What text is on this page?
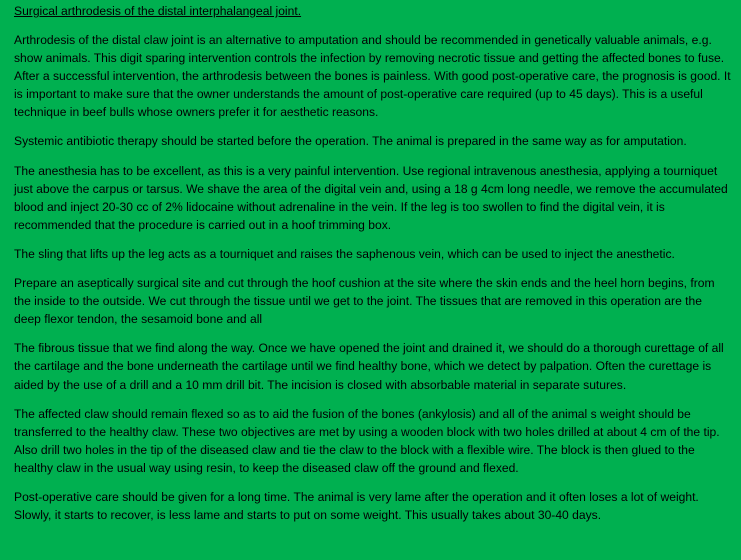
Surgical arthrodesis of the distal interphalangeal joint.

Arthrodesis of the distal claw joint is an alternative to amputation and should be recommended in genetically valuable animals, e.g. show animals. This digit sparing intervention controls the infection by removing necrotic tissue and getting the affected bones to fuse. After a successful intervention, the arthrodesis between the bones is painless. With good post-operative care, the prognosis is good. It is important to make sure that the owner understands the amount of post-operative care required (up to 45 days). This is a useful technique in beef bulls whose owners prefer it for aesthetic reasons.

Systemic antibiotic therapy should be started before the operation. The animal is prepared in the same way as for amputation.

The anesthesia has to be excellent, as this is a very painful intervention. Use regional intravenous anesthesia, applying a tourniquet just above the carpus or tarsus. We shave the area of the digital vein and, using a 18 g 4cm long needle, we remove the accumulated blood and inject 20-30 cc of 2% lidocaine without adrenaline in the vein. If the leg is too swollen to find the digital vein, it is recommended that the procedure is carried out in a hoof trimming box.

The sling that lifts up the leg acts as a tourniquet and raises the saphenous vein, which can be used to inject the anesthetic.

Prepare an aseptically surgical site and cut through the hoof cushion at the site where the skin ends and the heel horn begins, from the inside to the outside. We cut through the tissue until we get to the joint. The tissues that are removed in this operation are the deep flexor tendon, the sesamoid bone and all

The fibrous tissue that we find along the way. Once we have opened the joint and drained it, we should do a thorough curettage of all the cartilage and the bone underneath the cartilage until we find healthy bone, which we detect by palpation. Often the curettage is aided by the use of a drill and a 10 mm drill bit. The incision is closed with absorbable material in separate sutures.

The affected claw should remain flexed so as to aid the fusion of the bones (ankylosis) and all of the animal s weight should be transferred to the healthy claw. These two objectives are met by using a wooden block with two holes drilled at about 4 cm of the tip. Also drill two holes in the tip of the diseased claw and tie the claw to the block with a flexible wire. The block is then glued to the healthy claw in the usual way using resin, to keep the diseased claw off the ground and flexed.

Post-operative care should be given for a long time. The animal is very lame after the operation and it often loses a lot of weight. Slowly, it starts to recover, is less lame and starts to put on some weight. This usually takes about 30-40 days.
